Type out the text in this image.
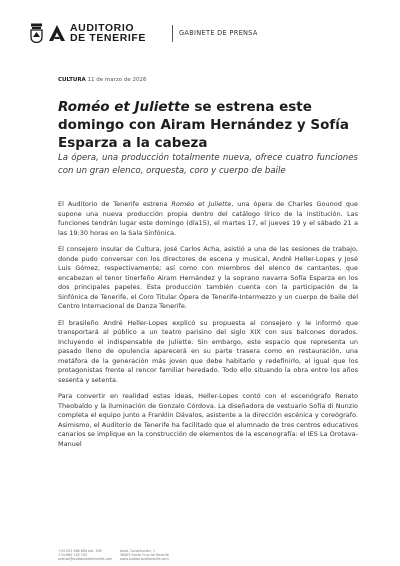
AUDITORIO
DE TENERIFE	GABINETE DE PRENSA
CULTURA 11 de marzo de 2026
Roméo et Juliette se estrena este domingo con Airam Hernández y Sofía Esparza a la cabeza

La ópera, una producción totalmente nueva, ofrece cuatro funciones con un gran elenco, orquesta, coro y cuerpo de baile

El Auditorio de Tenerife estrena Roméo et Juliette, una ópera de Charles Gounod que supone una nueva producción propia dentro del catálogo lírico de la institución. Las funciones tendrán lugar este domingo (día15), el martes 17, el jueves 19 y el sábado 21 a las 19:30 horas en la Sala Sinfónica.

El consejero insular de Cultura, José Carlos Acha, asistió a una de las sesiones de trabajo, donde pudo conversar con los directores de escena y musical, André Heller-Lopes y José Luis Gómez, respectivamente; así como con miembros del elenco de cantantes, que encabezan el tenor tinerfeño Airam Hernández y la soprano navarra Sofía Esparza en los dos principales papeles. Esta producción también cuenta con la participación de la Sinfónica de Tenerife, el Coro Titular Ópera de Tenerife-Intermezzo y un cuerpo de baile del Centro Internacional de Danza Tenerife.

El brasileño André Heller-Lopes explicó su propuesta al consejero y le informó que transportará al público a un teatro parisino del siglo XIX con sus balcones dorados. Incluyendo el indispensable de Juliette. Sin embargo, este espacio que representa un pasado lleno de opulencia aparecerá en su parte trasera como en restauración, una metáfora de la generación más joven que debe habitarlo y redefinirlo, al igual que los protagonistas frente al rencor familiar heredado. Todo ello situando la obra entre los años sesenta y setenta.

Para convertir en realidad estas ideas, Heller-Lopes contó con el escenógrafo Renato Theobaldo y la iluminación de Gonzalo Córdova. La diseñadora de vestuario Sofía di Nunzio completa el equipo junto a Franklin Dávalos, asistente a la dirección escénica y coreógrafo. Asimismo, el Auditorio de Tenerife ha facilitado que el alumnado de tres centros educativos canarios se implique en la construcción de elementos de la escenografía: el IES La Orotava-Manuel

+34 922 568 600 ext. 198
+34 680 128 703
prensa@auditoriodetenerife.com
Avda. Constitución, 1
38003 Santa Cruz de Tenerife
www.auditoriodetenerife.com
